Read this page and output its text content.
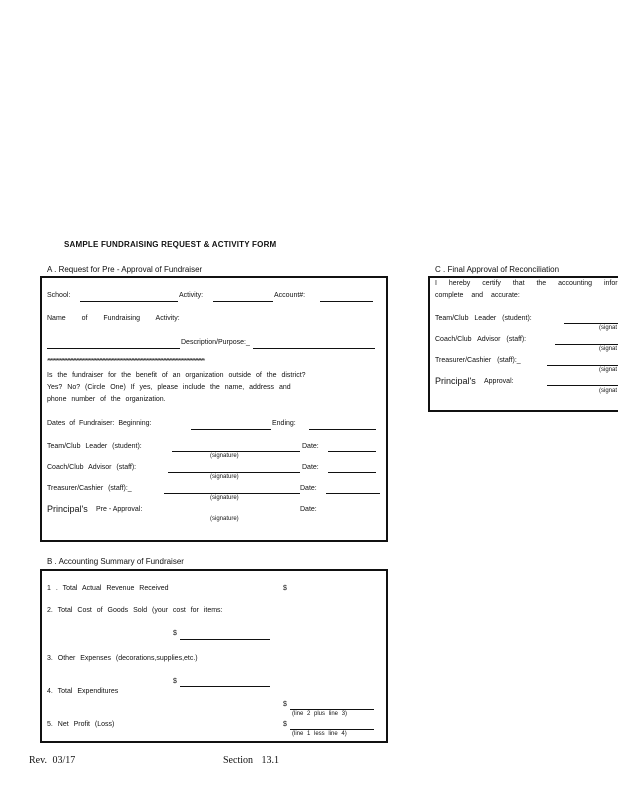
SAMPLE FUNDRAISING REQUEST & ACTIVITY FORM
A . Request for Pre - Approval of Fundraiser
School:	Activity:	Account#:
Name of Fundraising Activity:
Description/Purpose:_
*******************************************************************************************************
Is the fundraiser for the benefit of an organization outside of the district?
Yes? No? (Circle One) If yes, please include the name, address and
phone number of the organization.
Dates of Fundraiser: Beginning:	Ending:
Team/Club Leader (student):	Date:
(signature)
Coach/Club Advisor (staff):	Date:
(signature)
Treasurer/Cashier (staff):_	Date:
(signature)
Principal's Pre - Approval:	Date:
(signature)
B . Accounting Summary of Fundraiser
1 . Total Actual Revenue Received	$
2. Total Cost of Goods Sold (your cost for items:
$
3. Other Expenses (decorations,supplies,etc.)
$
4. Total Expenditures
$
(line 2 plus line 3)
5. Net Profit (Loss)	$
(line 1 less line 4)
C . Final Approval of Reconciliation
I hereby certify that the accounting infor
complete and accurate:
Team/Club Leader (student):
(signat
Coach/Club Advisor (staff):
(signat
Treasurer/Cashier (staff):_
(signat
Principal's Approval:
(signat
Rev. 03/17	Section 13.1
